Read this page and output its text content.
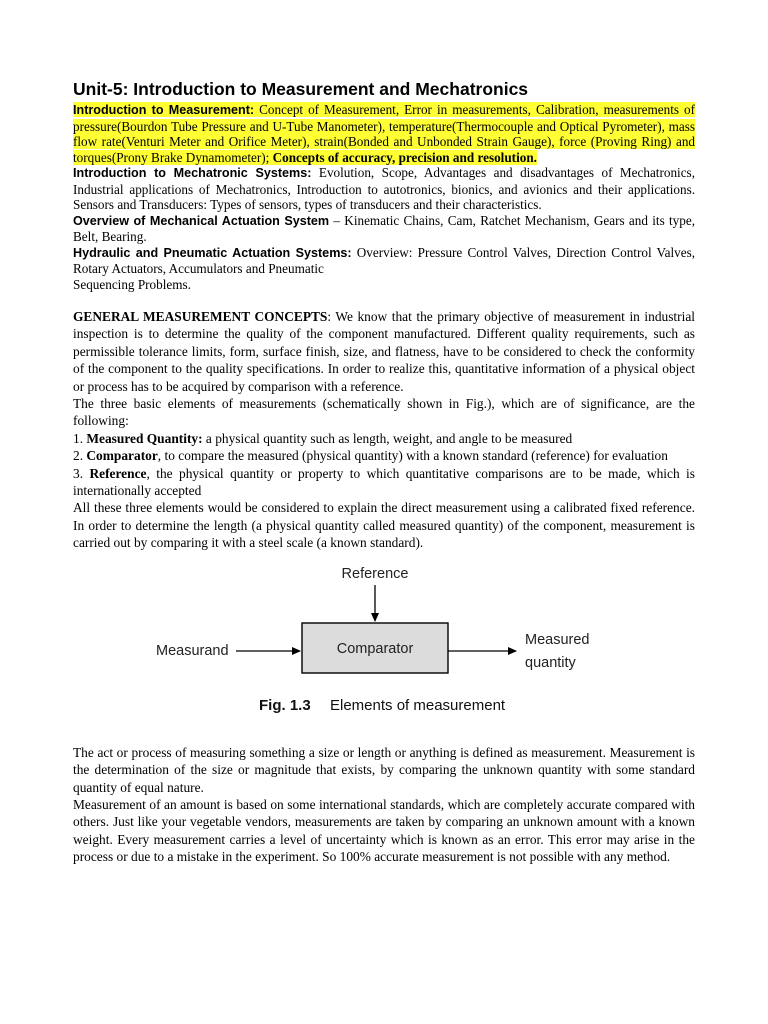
Unit-5: Introduction to Measurement and Mechatronics

Introduction to Measurement: Concept of Measurement, Error in measurements, Calibration, measurements of pressure(Bourdon Tube Pressure and U-Tube Manometer), temperature(Thermocouple and Optical Pyrometer), mass flow rate(Venturi Meter and Orifice Meter), strain(Bonded and Unbonded Strain Gauge), force (Proving Ring) and torques(Prony Brake Dynamometer); Concepts of accuracy, precision and resolution.

Introduction to Mechatronic Systems: Evolution, Scope, Advantages and disadvantages of Mechatronics, Industrial applications of Mechatronics, Introduction to autotronics, bionics, and avionics and their applications. Sensors and Transducers: Types of sensors, types of transducers and their characteristics.

Overview of Mechanical Actuation System – Kinematic Chains, Cam, Ratchet Mechanism, Gears and its type, Belt, Bearing.

Hydraulic and Pneumatic Actuation Systems: Overview: Pressure Control Valves, Direction Control Valves, Rotary Actuators, Accumulators and Pneumatic

Sequencing Problems.

GENERAL MEASUREMENT CONCEPTS: We know that the primary objective of measurement in industrial inspection is to determine the quality of the component manufactured. Different quality requirements, such as permissible tolerance limits, form, surface finish, size, and flatness, have to be considered to check the conformity of the component to the quality specifications. In order to realize this, quantitative information of a physical object or process has to be acquired by comparison with a reference.

The three basic elements of measurements (schematically shown in Fig.), which are of significance, are the following:

1. Measured Quantity: a physical quantity such as length, weight, and angle to be measured

2. Comparator, to compare the measured (physical quantity) with a known standard (reference) for evaluation

3. Reference, the physical quantity or property to which quantitative comparisons are to be made, which is internationally accepted

All these three elements would be considered to explain the direct measurement using a calibrated fixed reference. In order to determine the length (a physical quantity called measured quantity) of the component, measurement is carried out by comparing it with a steel scale (a known standard).

Reference
Comparator
Measurand
Measured
quantity
Fig. 1.3 Elements of measurement

The act or process of measuring something a size or length or anything is defined as measurement. Measurement is the determination of the size or magnitude that exists, by comparing the unknown quantity with some standard quantity of equal nature.

Measurement of an amount is based on some international standards, which are completely accurate compared with others. Just like your vegetable vendors, measurements are taken by comparing an unknown amount with a known weight. Every measurement carries a level of uncertainty which is known as an error. This error may arise in the process or due to a mistake in the experiment. So 100% accurate measurement is not possible with any method.
